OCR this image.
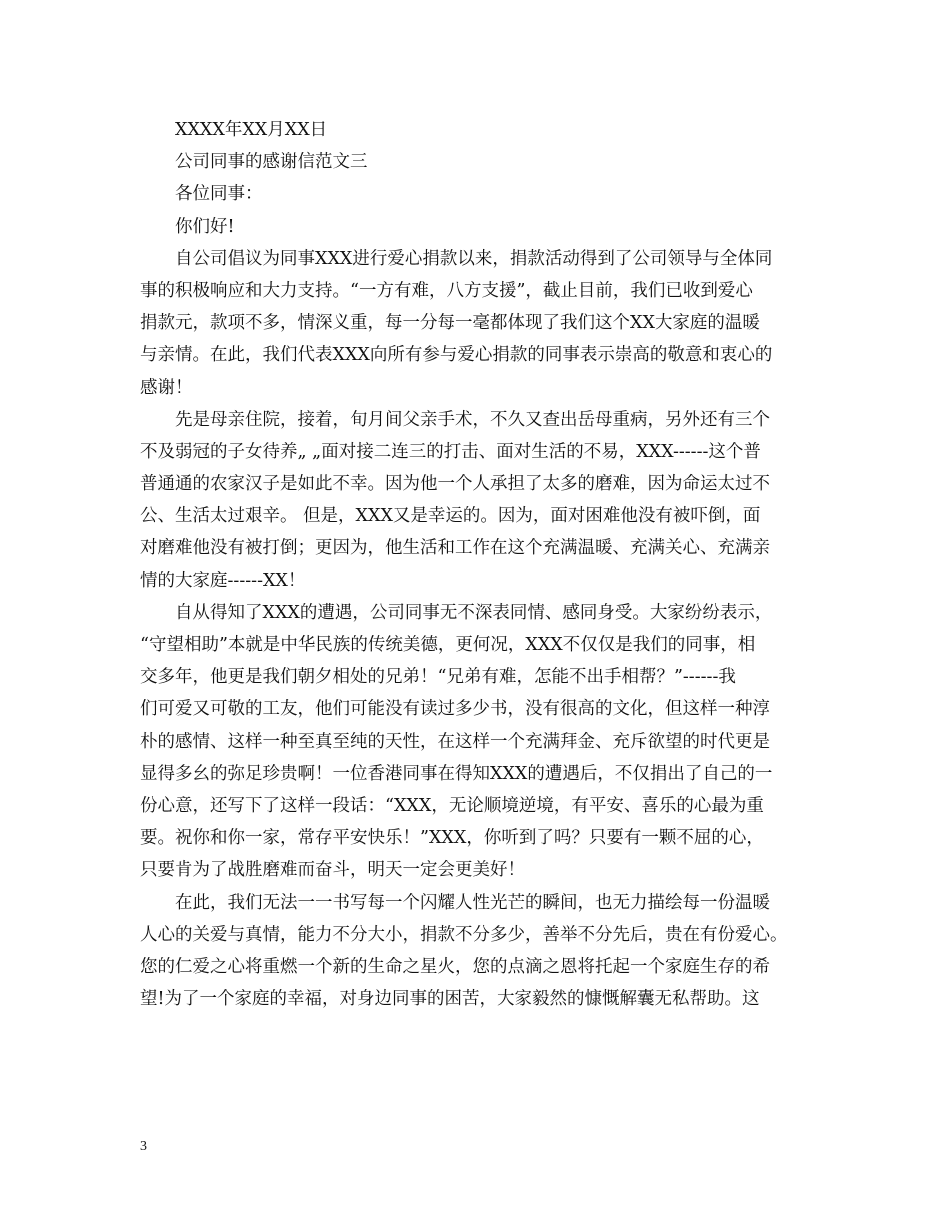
XXXX年XX月XX日
公司同事的感谢信范文三
各位同事：
你们好!
自公司倡议为同事XXX进行爱心捐款以来，捐款活动得到了公司领导与全体同
事的积极响应和大力支持。“一方有难，八方支援”，截止目前，我们已收到爱心
捐款元，款项不多，情深义重，每一分每一毫都体现了我们这个XX大家庭的温暖
与亲情。在此，我们代表XXX向所有参与爱心捐款的同事表示崇高的敬意和衷心的
感谢！
先是母亲住院，接着，旬月间父亲手术，不久又查出岳母重病，另外还有三个
不及弱冠的子女待养„ „面对接二连三的打击、面对生活的不易，XXX------这个普
普通通的农家汉子是如此不幸。因为他一个人承担了太多的磨难，因为命运太过不
公、生活太过艰辛。 但是，XXX又是幸运的。因为，面对困难他没有被吓倒，面
对磨难他没有被打倒；更因为，他生活和工作在这个充满温暖、充满关心、充满亲
情的大家庭------XX！
自从得知了XXX的遭遇，公司同事无不深表同情、感同身受。大家纷纷表示，
“守望相助”本就是中华民族的传统美德，更何况，XXX不仅仅是我们的同事，相
交多年，他更是我们朝夕相处的兄弟！“兄弟有难，怎能不出手相帮？”------我
们可爱又可敬的工友，他们可能没有读过多少书，没有很高的文化，但这样一种淳
朴的感情、这样一种至真至纯的天性，在这样一个充满拜金、充斥欲望的时代更是
显得多幺的弥足珍贵啊！一位香港同事在得知XXX的遭遇后，不仅捐出了自己的一
份心意，还写下了这样一段话：“XXX，无论顺境逆境，有平安、喜乐的心最为重
要。祝你和你一家，常存平安快乐！”XXX，你听到了吗？只要有一颗不屈的心，
只要肯为了战胜磨难而奋斗，明天一定会更美好！
在此，我们无法一一书写每一个闪耀人性光芒的瞬间，也无力描绘每一份温暖
人心的关爱与真情，能力不分大小，捐款不分多少，善举不分先后，贵在有份爱心。
您的仁爱之心将重燃一个新的生命之星火，您的点滴之恩将托起一个家庭生存的希
望!为了一个家庭的幸福，对身边同事的困苦，大家毅然的慷慨解囊无私帮助。这
3
